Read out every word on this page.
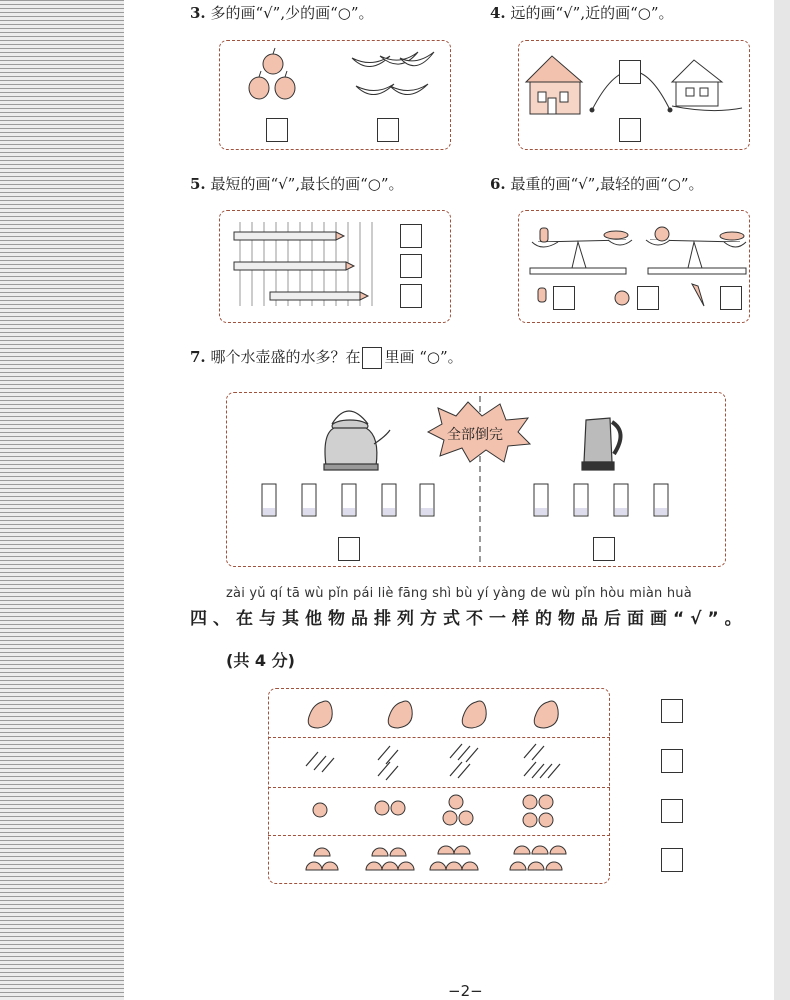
3. 多的画“√”,少的画“○”。	4. 远的画“√”,近的画“○”。
5. 最短的画“√”,最长的画“○”。	6. 最重的画“√”,最轻的画“○”。
7. 哪个水壶盛的水多？在 里画 “○”。
全部倒完
zài yǔ qí tā wù pǐn pái liè fāng shì bù yí yàng de wù pǐn hòu miàn huà
四、在与其他物品排列方式不一样的物品后面画“√”。
(共 4 分)
−2−
